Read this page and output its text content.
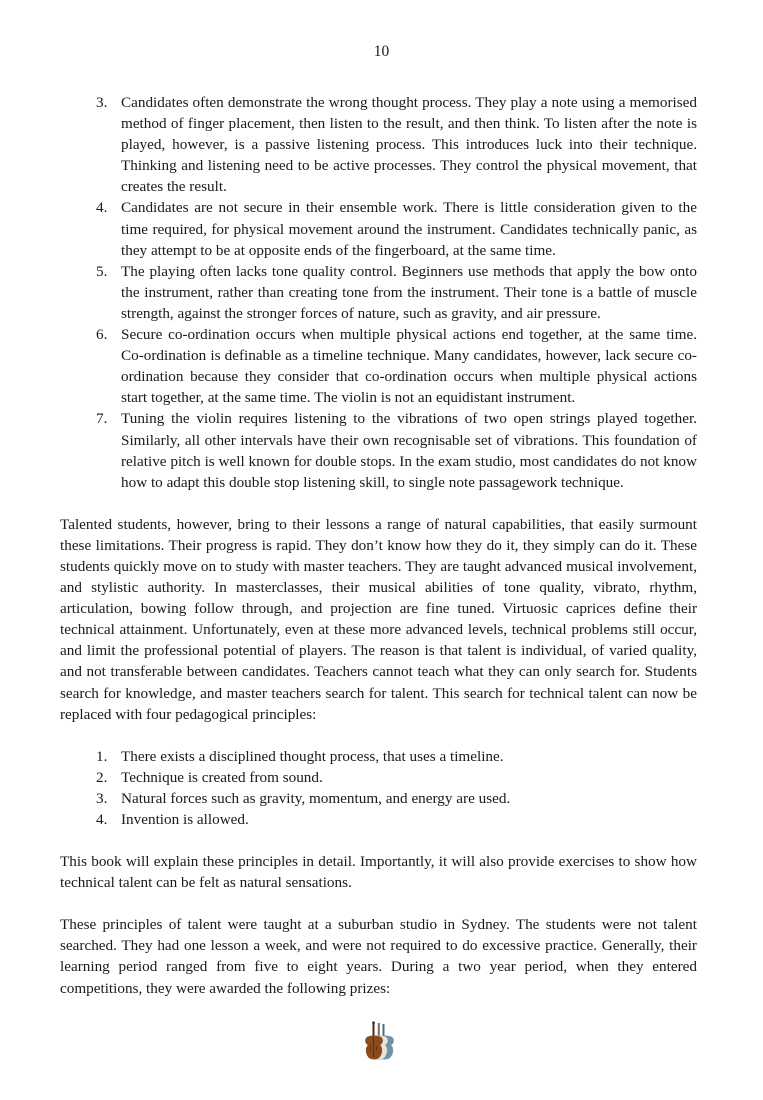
10
3. Candidates often demonstrate the wrong thought process. They play a note using a memorised method of finger placement, then listen to the result, and then think. To listen after the note is played, however, is a passive listening process. This introduces luck into their technique. Thinking and listening need to be active processes. They control the physical movement, that creates the result.
4. Candidates are not secure in their ensemble work. There is little consideration given to the time required, for physical movement around the instrument. Candidates technically panic, as they attempt to be at opposite ends of the fingerboard, at the same time.
5. The playing often lacks tone quality control. Beginners use methods that apply the bow onto the instrument, rather than creating tone from the instrument. Their tone is a battle of muscle strength, against the stronger forces of nature, such as gravity, and air pressure.
6. Secure co-ordination occurs when multiple physical actions end together, at the same time. Co-ordination is definable as a timeline technique. Many candidates, however, lack secure co-ordination because they consider that co-ordination occurs when multiple physical actions start together, at the same time. The violin is not an equidistant instrument.
7. Tuning the violin requires listening to the vibrations of two open strings played together. Similarly, all other intervals have their own recognisable set of vibrations. This foundation of relative pitch is well known for double stops. In the exam studio, most candidates do not know how to adapt this double stop listening skill, to single note passagework technique.

Talented students, however, bring to their lessons a range of natural capabilities, that easily surmount these limitations. Their progress is rapid. They don’t know how they do it, they simply can do it. These students quickly move on to study with master teachers. They are taught advanced musical involvement, and stylistic authority. In masterclasses, their musical abilities of tone quality, vibrato, rhythm, articulation, bowing follow through, and projection are fine tuned. Virtuosic caprices define their technical attainment. Unfortunately, even at these more advanced levels, technical problems still occur, and limit the professional potential of players. The reason is that talent is individual, of varied quality, and not transferable between candidates. Teachers cannot teach what they can only search for. Students search for knowledge, and master teachers search for talent. This search for technical talent can now be replaced with four pedagogical principles:

1. There exists a disciplined thought process, that uses a timeline.
2. Technique is created from sound.
3. Natural forces such as gravity, momentum, and energy are used.
4. Invention is allowed.

This book will explain these principles in detail. Importantly, it will also provide exercises to show how technical talent can be felt as natural sensations.

These principles of talent were taught at a suburban studio in Sydney. The students were not talent searched. They had one lesson a week, and were not required to do excessive practice. Generally, their learning period ranged from five to eight years. During a two year period, when they entered competitions, they were awarded the following prizes:
